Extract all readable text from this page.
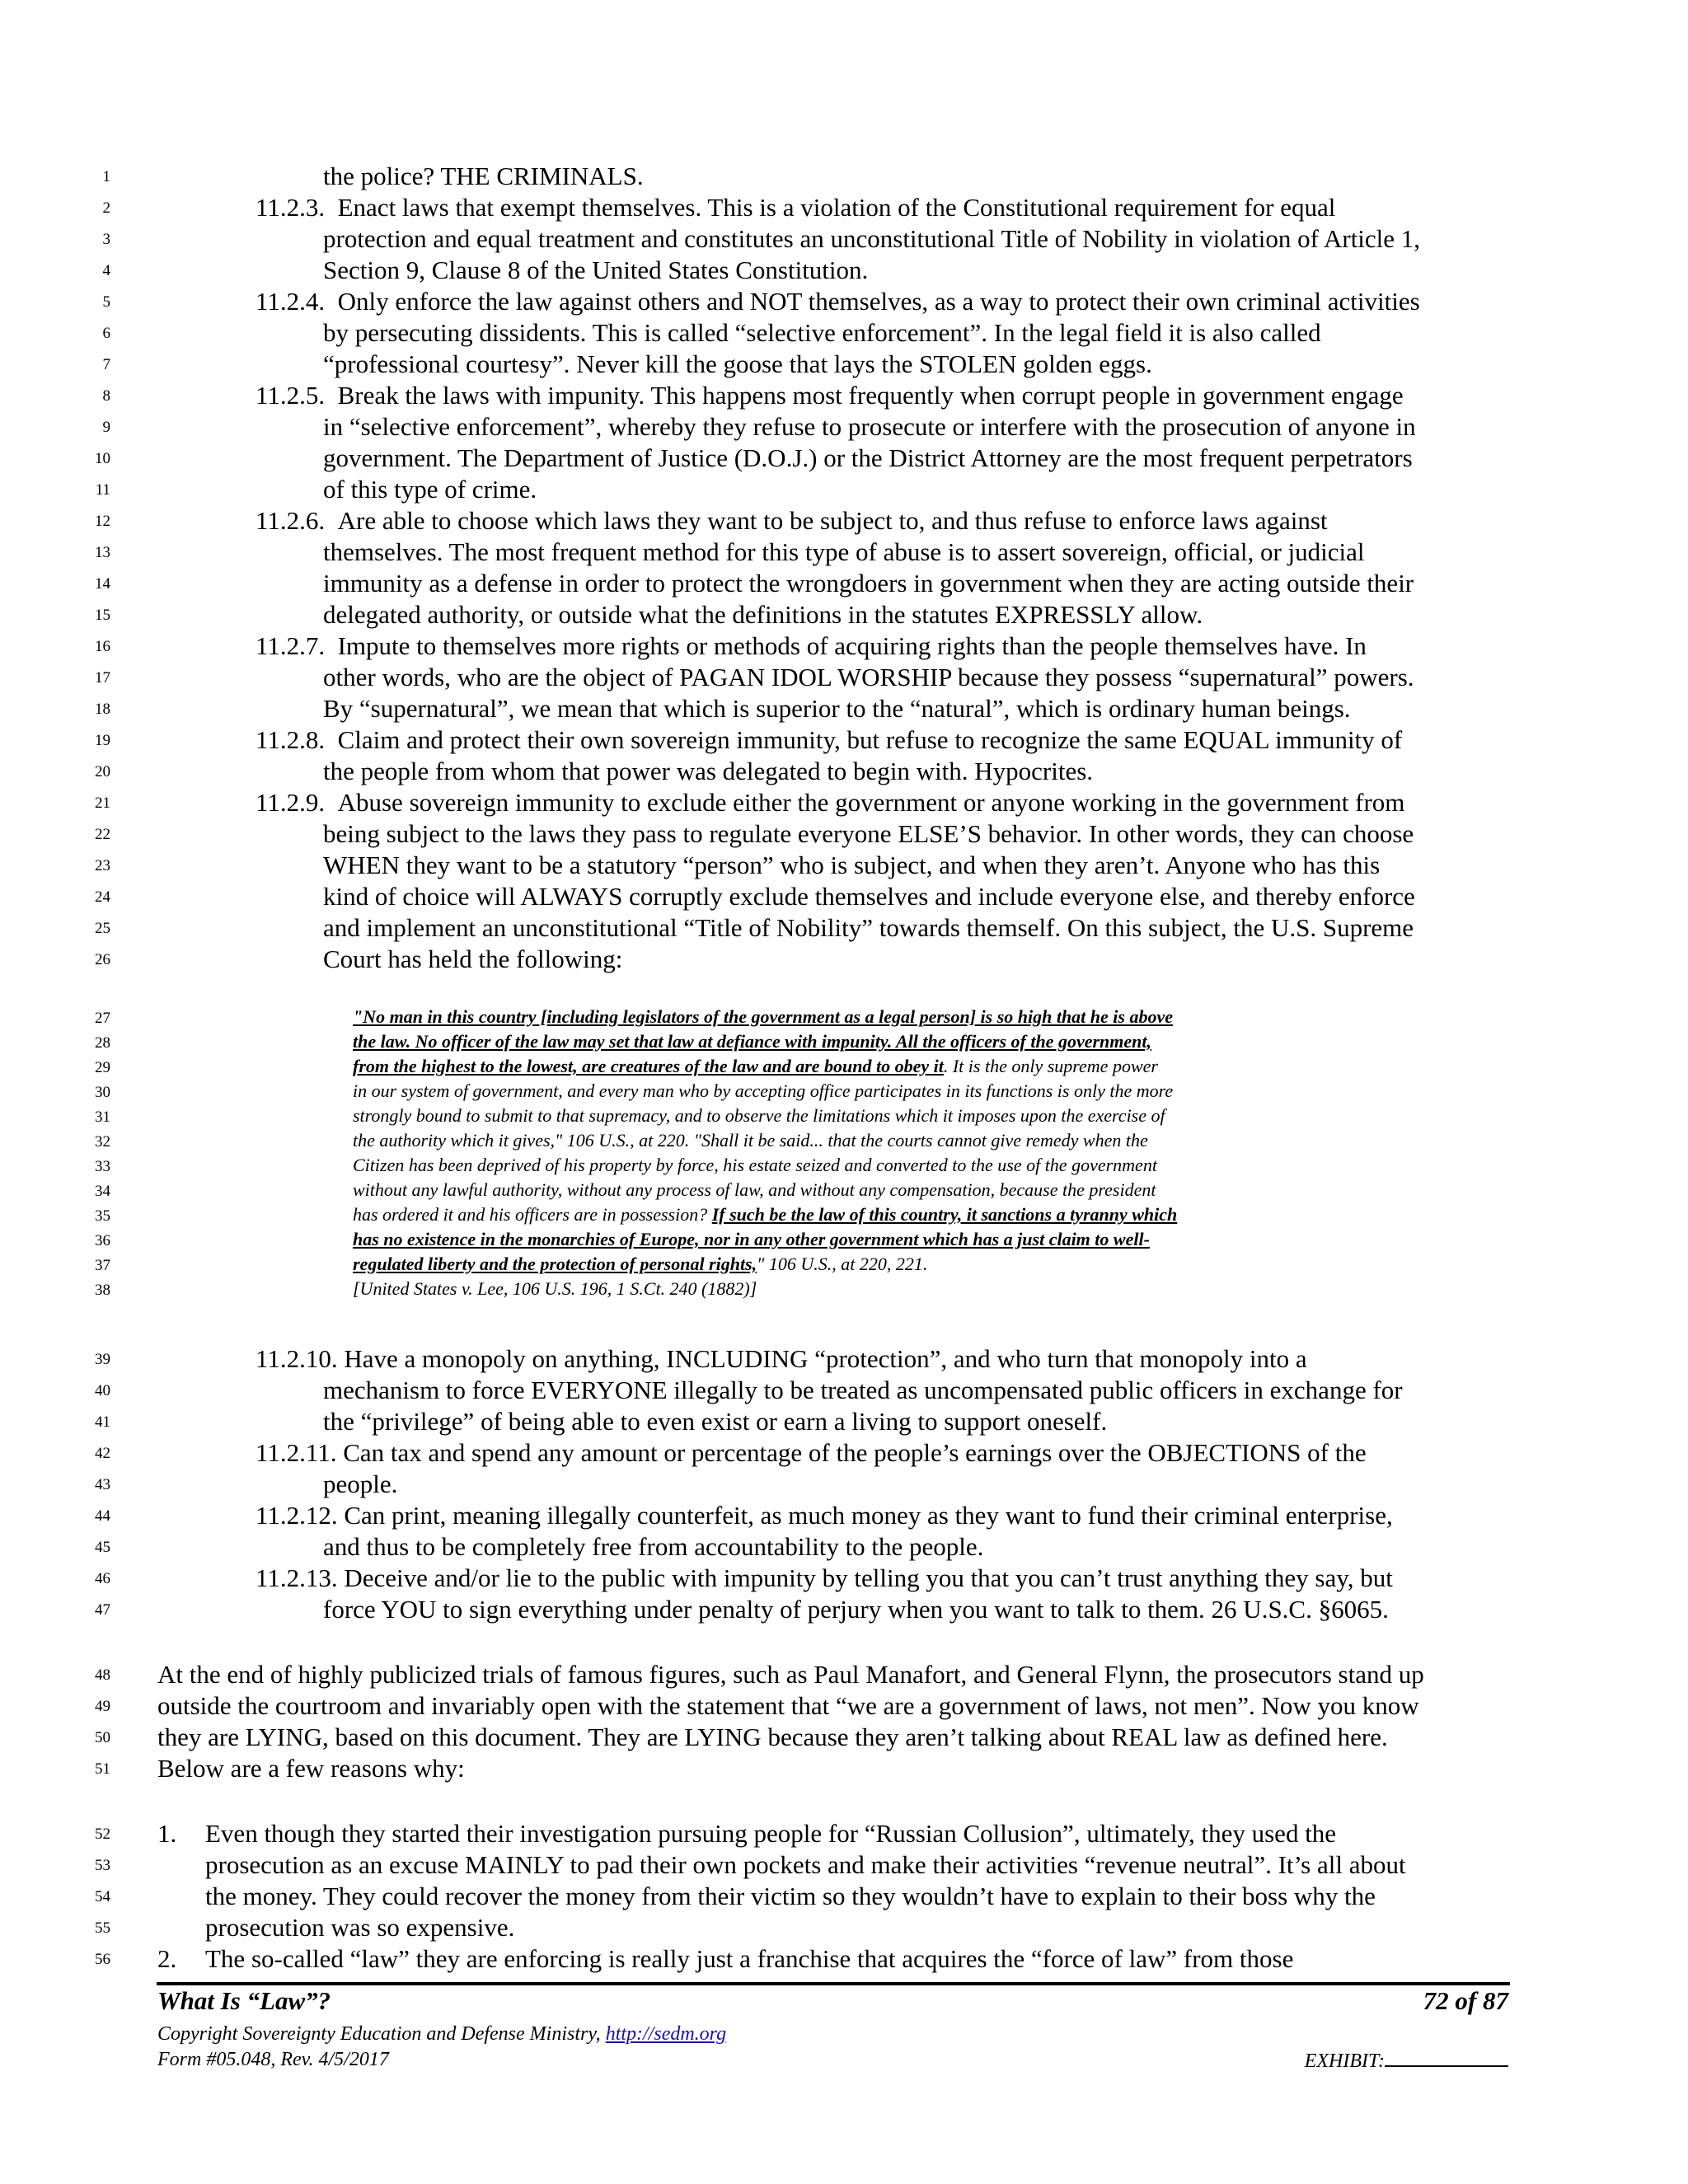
1
2
3
4
5
6
7
8
9
10
11
12
13
14
15
16
17
18
19
20
21
22
23
24
25
26
27
28
29
30
31
32
33
34
35
36
37
38
39
40
41
42
43
44
45
46
47
48
49
50
51
52
53
54
55
56
the police? THE CRIMINALS.
11.2.3. Enact laws that exempt themselves. This is a violation of the Constitutional requirement for equal
protection and equal treatment and constitutes an unconstitutional Title of Nobility in violation of Article 1,
Section 9, Clause 8 of the United States Constitution.
11.2.4. Only enforce the law against others and NOT themselves, as a way to protect their own criminal activities
by persecuting dissidents. This is called “selective enforcement”. In the legal field it is also called
“professional courtesy”. Never kill the goose that lays the STOLEN golden eggs.
11.2.5. Break the laws with impunity. This happens most frequently when corrupt people in government engage
in “selective enforcement”, whereby they refuse to prosecute or interfere with the prosecution of anyone in
government. The Department of Justice (D.O.J.) or the District Attorney are the most frequent perpetrators
of this type of crime.
11.2.6. Are able to choose which laws they want to be subject to, and thus refuse to enforce laws against
themselves. The most frequent method for this type of abuse is to assert sovereign, official, or judicial
immunity as a defense in order to protect the wrongdoers in government when they are acting outside their
delegated authority, or outside what the definitions in the statutes EXPRESSLY allow.
11.2.7. Impute to themselves more rights or methods of acquiring rights than the people themselves have. In
other words, who are the object of PAGAN IDOL WORSHIP because they possess “supernatural” powers.
By “supernatural”, we mean that which is superior to the “natural”, which is ordinary human beings.
11.2.8. Claim and protect their own sovereign immunity, but refuse to recognize the same EQUAL immunity of
the people from whom that power was delegated to begin with. Hypocrites.
11.2.9. Abuse sovereign immunity to exclude either the government or anyone working in the government from
being subject to the laws they pass to regulate everyone ELSE’S behavior. In other words, they can choose
WHEN they want to be a statutory “person” who is subject, and when they aren’t. Anyone who has this
kind of choice will ALWAYS corruptly exclude themselves and include everyone else, and thereby enforce
and implement an unconstitutional “Title of Nobility” towards themself. On this subject, the U.S. Supreme
Court has held the following:
"No man in this country [including legislators of the government as a legal person] is so high that he is above
the law. No officer of the law may set that law at defiance with impunity. All the officers of the government,
from the highest to the lowest, are creatures of the law and are bound to obey it. It is the only supreme power
in our system of government, and every man who by accepting office participates in its functions is only the more
strongly bound to submit to that supremacy, and to observe the limitations which it imposes upon the exercise of
the authority which it gives," 106 U.S., at 220. "Shall it be said... that the courts cannot give remedy when the
Citizen has been deprived of his property by force, his estate seized and converted to the use of the government
without any lawful authority, without any process of law, and without any compensation, because the president
has ordered it and his officers are in possession? If such be the law of this country, it sanctions a tyranny which
has no existence in the monarchies of Europe, nor in any other government which has a just claim to well-
regulated liberty and the protection of personal rights," 106 U.S., at 220, 221.
[United States v. Lee, 106 U.S. 196, 1 S.Ct. 240 (1882)]
11.2.10. Have a monopoly on anything, INCLUDING “protection”, and who turn that monopoly into a
mechanism to force EVERYONE illegally to be treated as uncompensated public officers in exchange for
the “privilege” of being able to even exist or earn a living to support oneself.
11.2.11. Can tax and spend any amount or percentage of the people’s earnings over the OBJECTIONS of the
people.
11.2.12. Can print, meaning illegally counterfeit, as much money as they want to fund their criminal enterprise,
and thus to be completely free from accountability to the people.
11.2.13. Deceive and/or lie to the public with impunity by telling you that you can’t trust anything they say, but
force YOU to sign everything under penalty of perjury when you want to talk to them. 26 U.S.C. §6065.
At the end of highly publicized trials of famous figures, such as Paul Manafort, and General Flynn, the prosecutors stand up
outside the courtroom and invariably open with the statement that “we are a government of laws, not men”. Now you know
they are LYING, based on this document. They are LYING because they aren’t talking about REAL law as defined here.
Below are a few reasons why:
1. Even though they started their investigation pursuing people for “Russian Collusion”, ultimately, they used the
prosecution as an excuse MAINLY to pad their own pockets and make their activities “revenue neutral”. It’s all about
the money. They could recover the money from their victim so they wouldn’t have to explain to their boss why the
prosecution was so expensive.
2. The so-called “law” they are enforcing is really just a franchise that acquires the “force of law” from those
What Is “Law”?	72 of 87
Copyright Sovereignty Education and Defense Ministry, http://sedm.org
Form #05.048, Rev. 4/5/2017	EXHIBIT:
